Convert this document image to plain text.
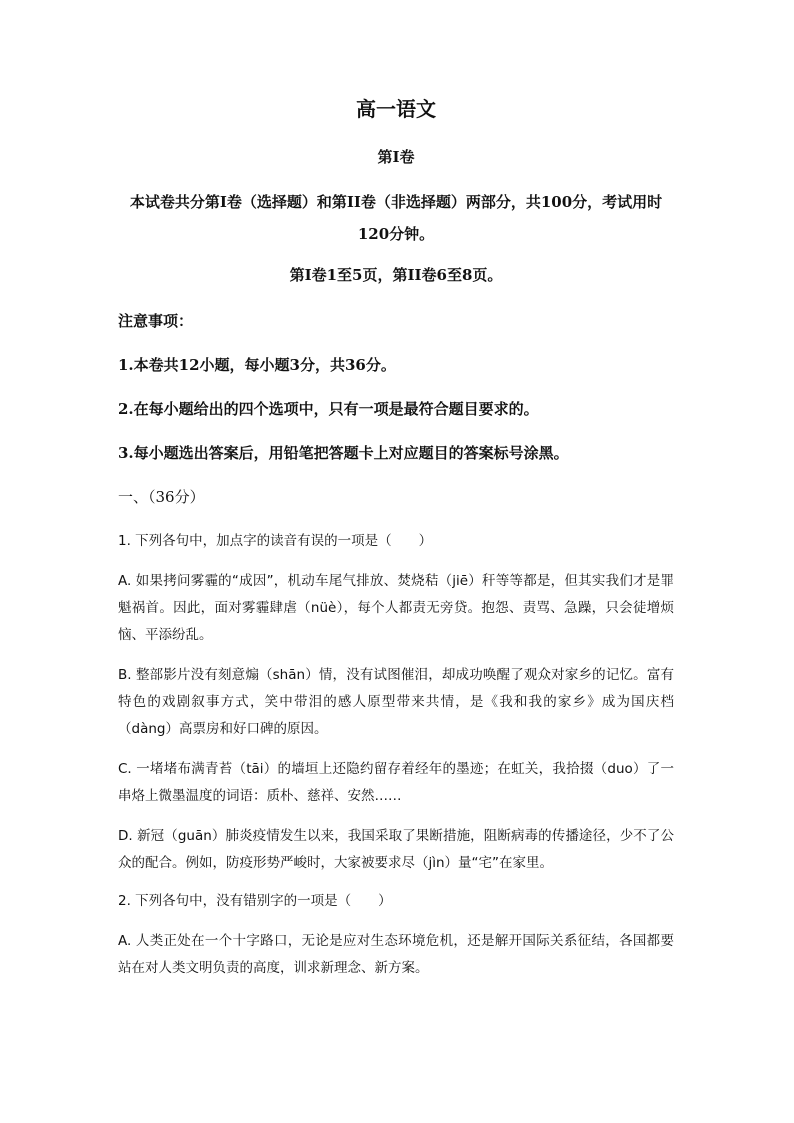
高一语文
第I卷
本试卷共分第I卷（选择题）和第II卷（非选择题）两部分，共100分，考试用时120分钟。
第I卷1至5页，第II卷6至8页。
注意事项：
1.本卷共12小题，每小题3分，共36分。
2.在每小题给出的四个选项中，只有一项是最符合题目要求的。
3.每小题选出答案后，用铅笔把答题卡上对应题目的答案标号涂黑。
一、（36分）
1. 下列各句中，加点字的读音有误的一项是（　　）
A. 如果拷问雾霾的“成因”，机动车尾气排放、焚烧秸（jiē）秆等等都是，但其实我们才是罪魁祸首。因此，面对雾霾肆虐（nüè），每个人都责无旁贷。抱怨、责骂、急躁，只会徒增烦恼、平添纷乱。
B. 整部影片没有刻意煽（shān）情，没有试图催泪，却成功唤醒了观众对家乡的记忆。富有特色的戏剧叙事方式，笑中带泪的感人原型带来共情，是《我和我的家乡》成为国庆档（dàng）高票房和好口碑的原因。
C. 一堵堵布满青苔（tāi）的墙垣上还隐约留存着经年的墨迹；在虹关，我拾掇（duo）了一串烙上微墨温度的词语：质朴、慈祥、安然……
D. 新冠（guān）肺炎疫情发生以来，我国采取了果断措施，阻断病毒的传播途径，少不了公众的配合。例如，防疫形势严峻时，大家被要求尽（jìn）量“宅”在家里。
2. 下列各句中，没有错别字的一项是（　　）
A. 人类正处在一个十字路口，无论是应对生态环境危机，还是解开国际关系征结，各国都要站在对人类文明负责的高度，训求新理念、新方案。
